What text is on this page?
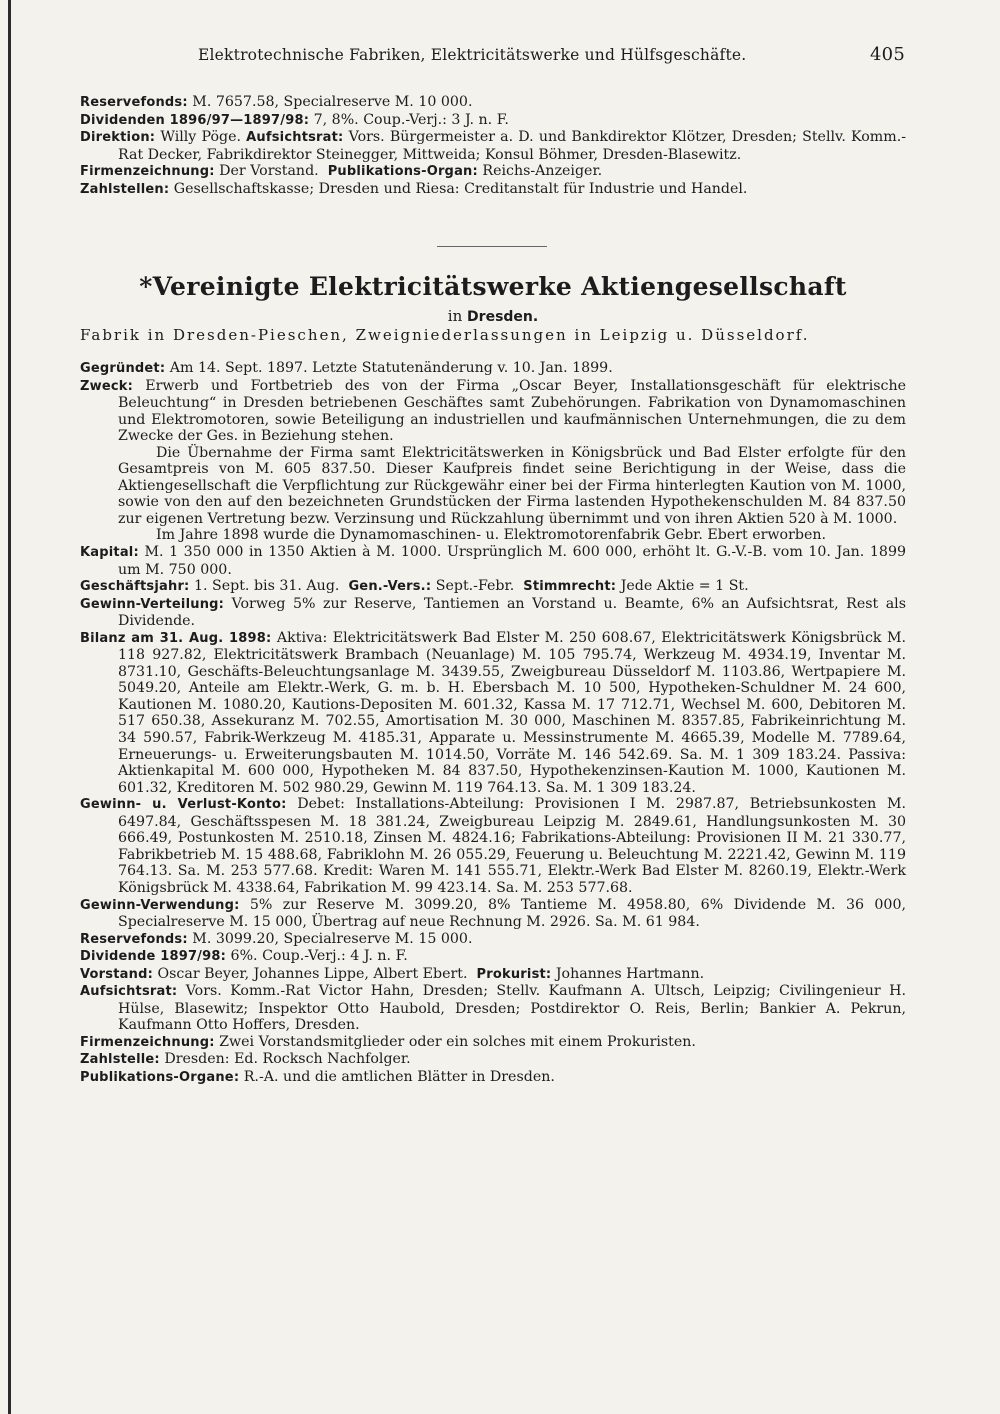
Elektrotechnische Fabriken, Elektricitätswerke und Hülfsgeschäfte.	405

Reservefonds: M. 7657.58, Specialreserve M. 10 000.

Dividenden 1896/97—1897/98: 7, 8%. Coup.-Verj.: 3 J. n. F.

Direktion: Willy Pöge. Aufsichtsrat: Vors. Bürgermeister a. D. und Bankdirektor Klötzer, Dresden; Stellv. Komm.-Rat Decker, Fabrikdirektor Steinegger, Mittweida; Konsul Böhmer, Dresden-Blasewitz.

Firmenzeichnung: Der Vorstand. Publikations-Organ: Reichs-Anzeiger.

Zahlstellen: Gesellschaftskasse; Dresden und Riesa: Creditanstalt für Industrie und Handel.

*Vereinigte Elektricitätswerke Aktiengesellschaft
in Dresden.
Fabrik in Dresden-Pieschen, Zweigniederlassungen in Leipzig u. Düsseldorf.

Gegründet: Am 14. Sept. 1897. Letzte Statutenänderung v. 10. Jan. 1899.

Zweck: Erwerb und Fortbetrieb des von der Firma „Oscar Beyer, Installationsgeschäft für elektrische Beleuchtung“ in Dresden betriebenen Geschäftes samt Zubehörungen. Fabrikation von Dynamomaschinen und Elektromotoren, sowie Beteiligung an industriellen und kaufmännischen Unternehmungen, die zu dem Zwecke der Ges. in Beziehung stehen.

Die Übernahme der Firma samt Elektricitätswerken in Königsbrück und Bad Elster erfolgte für den Gesamtpreis von M. 605 837.50. Dieser Kaufpreis findet seine Berichtigung in der Weise, dass die Aktiengesellschaft die Verpflichtung zur Rückgewähr einer bei der Firma hinterlegten Kaution von M. 1000, sowie von den auf den bezeichneten Grundstücken der Firma lastenden Hypothekenschulden M. 84 837.50 zur eigenen Vertretung bezw. Verzinsung und Rückzahlung übernimmt und von ihren Aktien 520 à M. 1000.

Im Jahre 1898 wurde die Dynamomaschinen- u. Elektromotorenfabrik Gebr. Ebert erworben.

Kapital: M. 1 350 000 in 1350 Aktien à M. 1000. Ursprünglich M. 600 000, erhöht lt. G.-V.-B. vom 10. Jan. 1899 um M. 750 000.

Geschäftsjahr: 1. Sept. bis 31. Aug. Gen.-Vers.: Sept.-Febr. Stimmrecht: Jede Aktie = 1 St.

Gewinn-Verteilung: Vorweg 5% zur Reserve, Tantiemen an Vorstand u. Beamte, 6% an Aufsichtsrat, Rest als Dividende.

Bilanz am 31. Aug. 1898: Aktiva: Elektricitätswerk Bad Elster M. 250 608.67, Elektricitätswerk Königsbrück M. 118 927.82, Elektricitätswerk Brambach (Neuanlage) M. 105 795.74, Werkzeug M. 4934.19, Inventar M. 8731.10, Geschäfts-Beleuchtungsanlage M. 3439.55, Zweigbureau Düsseldorf M. 1103.86, Wertpapiere M. 5049.20, Anteile am Elektr.-Werk, G. m. b. H. Ebersbach M. 10 500, Hypotheken-Schuldner M. 24 600, Kautionen M. 1080.20, Kautions-Depositen M. 601.32, Kassa M. 17 712.71, Wechsel M. 600, Debitoren M. 517 650.38, Assekuranz M. 702.55, Amortisation M. 30 000, Maschinen M. 8357.85, Fabrikeinrichtung M. 34 590.57, Fabrik-Werkzeug M. 4185.31, Apparate u. Messinstrumente M. 4665.39, Modelle M. 7789.64, Erneuerungs- u. Erweiterungsbauten M. 1014.50, Vorräte M. 146 542.69. Sa. M. 1 309 183.24. Passiva: Aktienkapital M. 600 000, Hypotheken M. 84 837.50, Hypothekenzinsen-Kaution M. 1000, Kautionen M. 601.32, Kreditoren M. 502 980.29, Gewinn M. 119 764.13. Sa. M. 1 309 183.24.

Gewinn- u. Verlust-Konto: Debet: Installations-Abteilung: Provisionen I M. 2987.87, Betriebsunkosten M. 6497.84, Geschäftsspesen M. 18 381.24, Zweigbureau Leipzig M. 2849.61, Handlungsunkosten M. 30 666.49, Postunkosten M. 2510.18, Zinsen M. 4824.16; Fabrikations-Abteilung: Provisionen II M. 21 330.77, Fabrikbetrieb M. 15 488.68, Fabriklohn M. 26 055.29, Feuerung u. Beleuchtung M. 2221.42, Gewinn M. 119 764.13. Sa. M. 253 577.68. Kredit: Waren M. 141 555.71, Elektr.-Werk Bad Elster M. 8260.19, Elektr.-Werk Königsbrück M. 4338.64, Fabrikation M. 99 423.14. Sa. M. 253 577.68.

Gewinn-Verwendung: 5% zur Reserve M. 3099.20, 8% Tantieme M. 4958.80, 6% Dividende M. 36 000, Specialreserve M. 15 000, Übertrag auf neue Rechnung M. 2926. Sa. M. 61 984.

Reservefonds: M. 3099.20, Specialreserve M. 15 000.

Dividende 1897/98: 6%. Coup.-Verj.: 4 J. n. F.

Vorstand: Oscar Beyer, Johannes Lippe, Albert Ebert. Prokurist: Johannes Hartmann.

Aufsichtsrat: Vors. Komm.-Rat Victor Hahn, Dresden; Stellv. Kaufmann A. Ultsch, Leipzig; Civilingenieur H. Hülse, Blasewitz; Inspektor Otto Haubold, Dresden; Postdirektor O. Reis, Berlin; Bankier A. Pekrun, Kaufmann Otto Hoffers, Dresden.

Firmenzeichnung: Zwei Vorstandsmitglieder oder ein solches mit einem Prokuristen.

Zahlstelle: Dresden: Ed. Rocksch Nachfolger.

Publikations-Organe: R.-A. und die amtlichen Blätter in Dresden.
